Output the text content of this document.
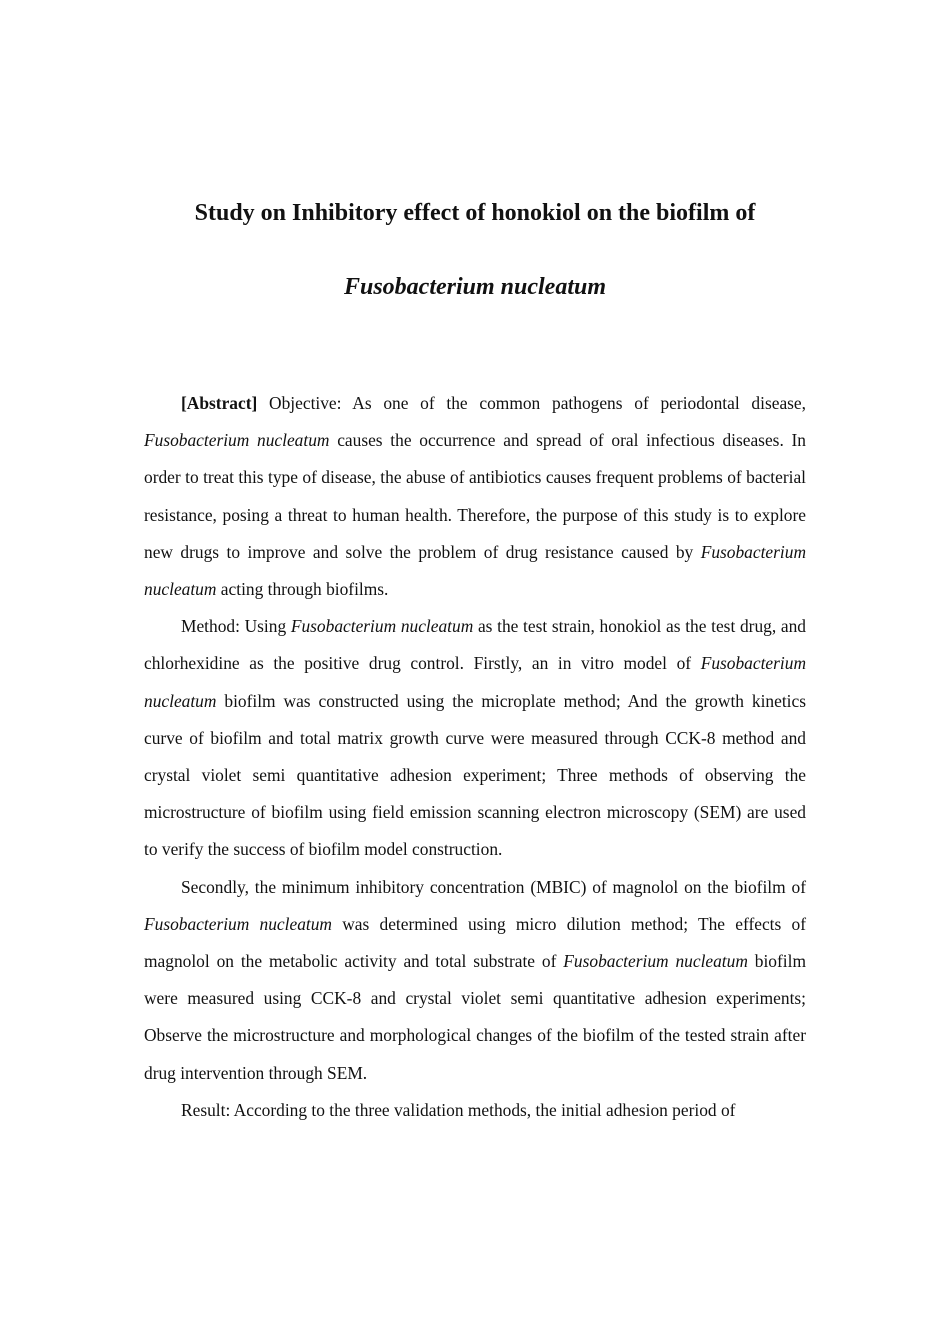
Study on Inhibitory effect of honokiol on the biofilm of
Fusobacterium nucleatum

[Abstract] Objective: As one of the common pathogens of periodontal disease, Fusobacterium nucleatum causes the occurrence and spread of oral infectious diseases. In order to treat this type of disease, the abuse of antibiotics causes frequent problems of bacterial resistance, posing a threat to human health. Therefore, the purpose of this study is to explore new drugs to improve and solve the problem of drug resistance caused by Fusobacterium nucleatum acting through biofilms.

Method: Using Fusobacterium nucleatum as the test strain, honokiol as the test drug, and chlorhexidine as the positive drug control. Firstly, an in vitro model of Fusobacterium nucleatum biofilm was constructed using the microplate method; And the growth kinetics curve of biofilm and total matrix growth curve were measured through CCK-8 method and crystal violet semi quantitative adhesion experiment; Three methods of observing the microstructure of biofilm using field emission scanning electron microscopy (SEM) are used to verify the success of biofilm model construction.

Secondly, the minimum inhibitory concentration (MBIC) of magnolol on the biofilm of Fusobacterium nucleatum was determined using micro dilution method; The effects of magnolol on the metabolic activity and total substrate of Fusobacterium nucleatum biofilm were measured using CCK-8 and crystal violet semi quantitative adhesion experiments; Observe the microstructure and morphological changes of the biofilm of the tested strain after drug intervention through SEM.

Result: According to the three validation methods, the initial adhesion period of
